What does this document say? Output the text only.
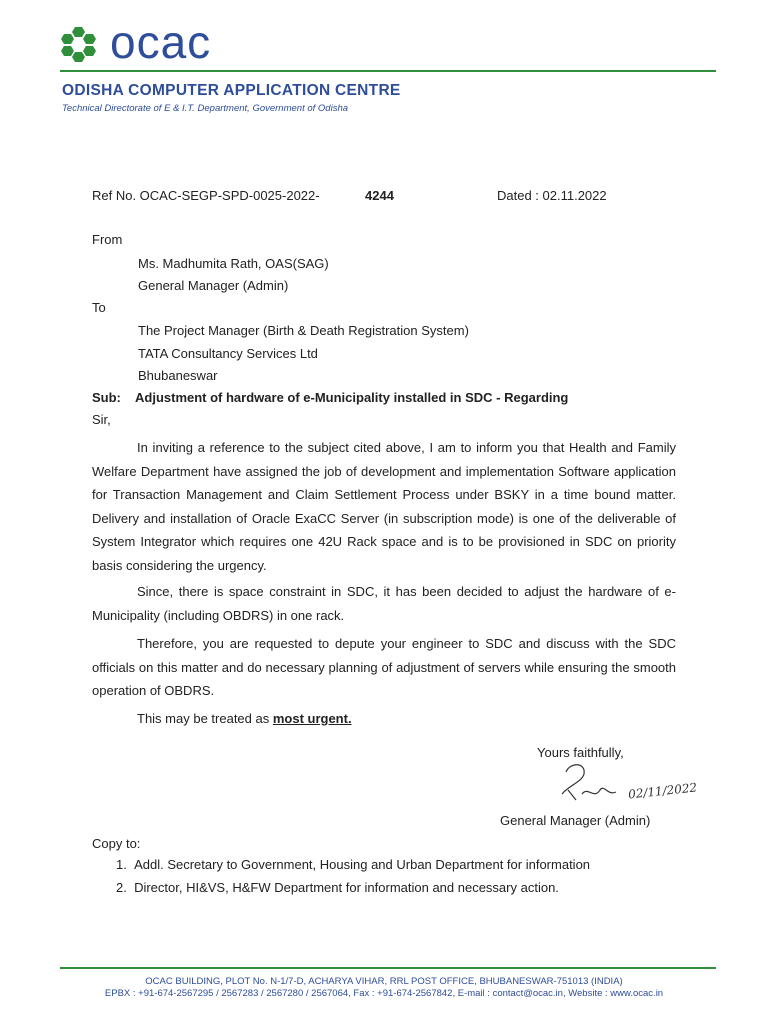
ocac
ODISHA COMPUTER APPLICATION CENTRE
Technical Directorate of E & I.T. Department, Government of Odisha
Ref No. OCAC-SEGP-SPD-0025-2022-	4244	Dated : 02.11.2022
From
Ms. Madhumita Rath, OAS(SAG)
General Manager (Admin)
To
The Project Manager (Birth & Death Registration System)
TATA Consultancy Services Ltd
Bhubaneswar
Sub: Adjustment of hardware of e-Municipality installed in SDC - Regarding
Sir,
In inviting a reference to the subject cited above, I am to inform you that Health and Family Welfare Department have assigned the job of development and implementation Software application for Transaction Management and Claim Settlement Process under BSKY in a time bound matter. Delivery and installation of Oracle ExaCC Server (in subscription mode) is one of the deliverable of System Integrator which requires one 42U Rack space and is to be provisioned in SDC on priority basis considering the urgency.
Since, there is space constraint in SDC, it has been decided to adjust the hardware of e-Municipality (including OBDRS) in one rack.
Therefore, you are requested to depute your engineer to SDC and discuss with the SDC officials on this matter and do necessary planning of adjustment of servers while ensuring the smooth operation of OBDRS.
This may be treated as most urgent.
Yours faithfully,
02/11/2022
General Manager (Admin)
Copy to:
1.  Addl. Secretary to Government, Housing and Urban Department for information
2.  Director, HI&VS, H&FW Department for information and necessary action.
OCAC BUILDING, PLOT No. N-1/7-D, ACHARYA VIHAR, RRL POST OFFICE, BHUBANESWAR-751013 (INDIA)
EPBX : +91-674-2567295 / 2567283 / 2567280 / 2567064, Fax : +91-674-2567842, E-mail : contact@ocac.in, Website : www.ocac.in
